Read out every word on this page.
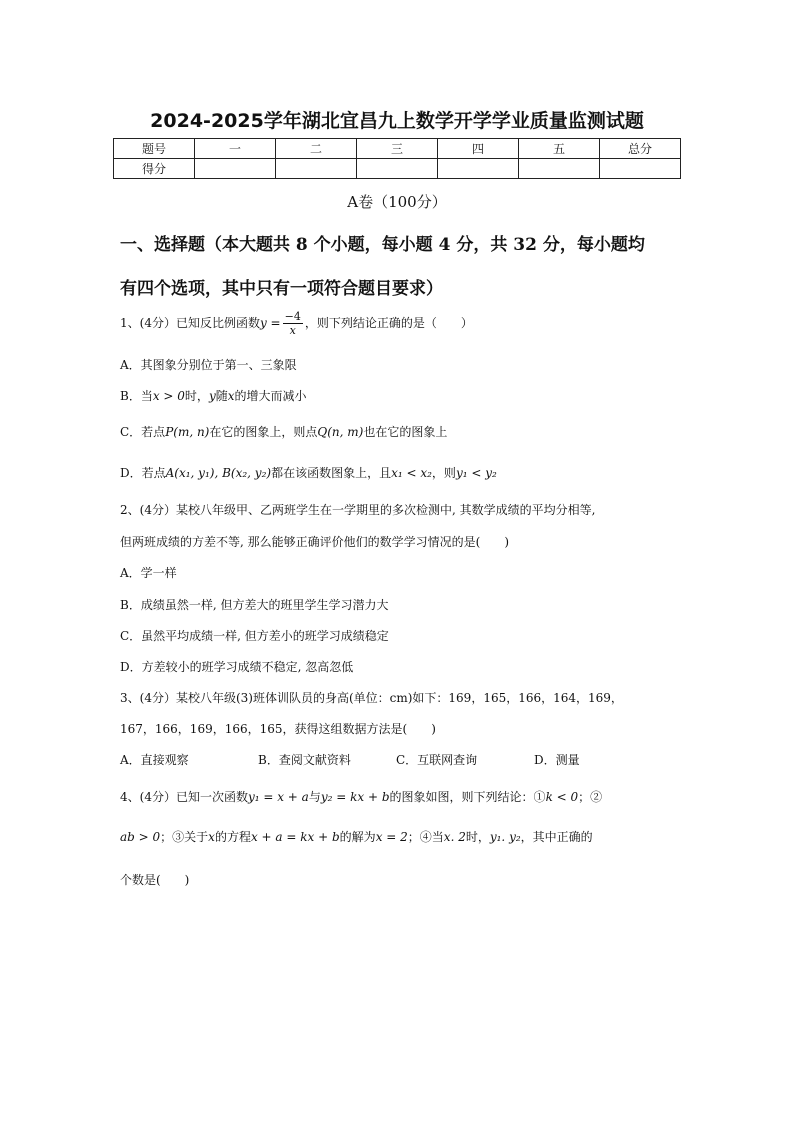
2024-2025学年湖北宜昌九上数学开学学业质量监测试题
题号	一	二	三	四	五	总分
得分						
A卷（100分）
一、选择题（本大题共 8 个小题，每小题 4 分，共 32 分，每小题均
有四个选项，其中只有一项符合题目要求）
1、(4分）已知反比例函数$y = \frac{-4}{x}$ ，则下列结论正确的是（　　）
A．其图象分别位于第一、三象限
B．当x > 0时，y随x的增大而减小
C．若点P(m, n)在它的图象上，则点Q(n, m)也在它的图象上
D．若点A(x₁, y₁), B(x₂, y₂)都在该函数图象上，且x₁ < x₂，则y₁ < y₂
2、(4分）某校八年级甲、乙两班学生在一学期里的多次检测中, 其数学成绩的平均分相等,
但两班成绩的方差不等, 那么能够正确评价他们的数学学习情况的是(　　)
A．学一样
B．成绩虽然一样, 但方差大的班里学生学习潜力大
C．虽然平均成绩一样, 但方差小的班学习成绩稳定
D．方差较小的班学习成绩不稳定, 忽高忽低
3、(4分）某校八年级(3)班体训队员的身高(单位：cm)如下：169，165，166，164，169，
167，166，169，166，165，获得这组数据方法是(　　)
A．直接观察	B．查阅文献资料	C．互联网查询	D．测量
4、(4分）已知一次函数y₁ = x + a与y₂ = kx + b的图象如图，则下列结论：①k < 0；②
ab > 0；③关于x的方程x + a = kx + b的解为x = 2；④当x. 2时，y₁. y₂，其中正确的
个数是(　　)
